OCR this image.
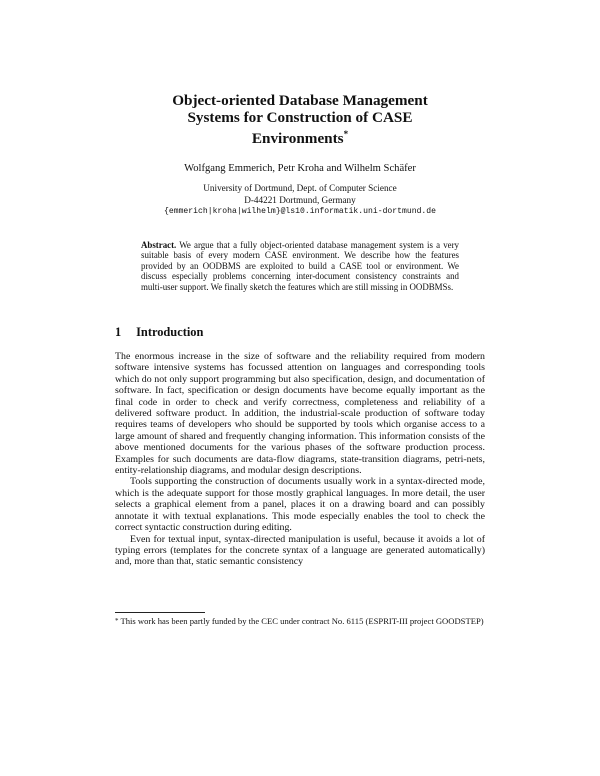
Object-oriented Database Management
Systems for Construction of CASE
Environments*
Wolfgang Emmerich, Petr Kroha and Wilhelm Schäfer
University of Dortmund, Dept. of Computer Science
D-44221 Dortmund, Germany
{emmerich|kroha|wilhelm}@ls10.informatik.uni-dortmund.de
Abstract. We argue that a fully object-oriented database management system is a very suitable basis of every modern CASE environment. We describe how the features provided by an OODBMS are exploited to build a CASE tool or environment. We discuss especially problems concerning inter-document consistency constraints and multi-user support. We finally sketch the features which are still missing in OODBMSs.
1 Introduction

The enormous increase in the size of software and the reliability required from modern software intensive systems has focussed attention on languages and corresponding tools which do not only support programming but also specification, design, and documentation of software. In fact, specification or design documents have become equally important as the final code in order to check and verify correctness, completeness and reliability of a delivered software product. In addition, the industrial-scale production of software today requires teams of developers who should be supported by tools which organise access to a large amount of shared and frequently changing information. This information consists of the above mentioned documents for the various phases of the software production process. Examples for such documents are data-flow diagrams, state-transition diagrams, petri-nets, entity-relationship diagrams, and modular design descriptions.

Tools supporting the construction of documents usually work in a syntax-directed mode, which is the adequate support for those mostly graphical languages. In more detail, the user selects a graphical element from a panel, places it on a drawing board and can possibly annotate it with textual explanations. This mode especially enables the tool to check the correct syntactic construction during editing.

Even for textual input, syntax-directed manipulation is useful, because it avoids a lot of typing errors (templates for the concrete syntax of a language are generated automatically) and, more than that, static semantic consistency

* This work has been partly funded by the CEC under contract No. 6115 (ESPRIT-III project GOODSTEP)
